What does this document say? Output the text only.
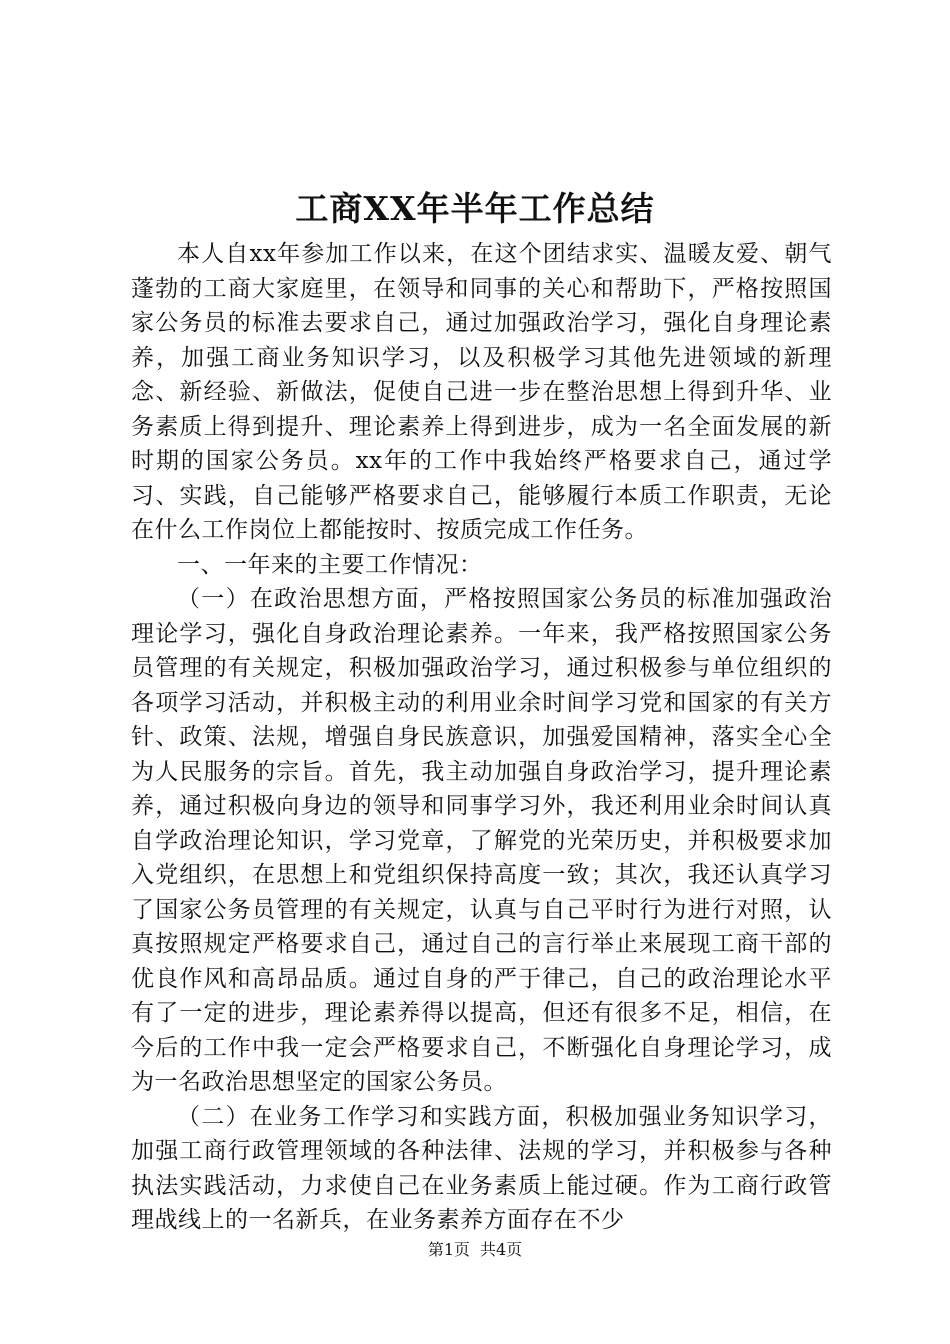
工商XX年半年工作总结

本人自xx年参加工作以来，在这个团结求实、温暖友爱、朝气蓬勃的工商大家庭里，在领导和同事的关心和帮助下，严格按照国家公务员的标准去要求自己，通过加强政治学习，强化自身理论素养，加强工商业务知识学习，以及积极学习其他先进领域的新理念、新经验、新做法，促使自己进一步在整治思想上得到升华、业务素质上得到提升、理论素养上得到进步，成为一名全面发展的新时期的国家公务员。xx年的工作中我始终严格要求自己，通过学习、实践，自己能够严格要求自己，能够履行本质工作职责，无论在什么工作岗位上都能按时、按质完成工作任务。

一、一年来的主要工作情况：

（一）在政治思想方面，严格按照国家公务员的标准加强政治理论学习，强化自身政治理论素养。一年来，我严格按照国家公务员管理的有关规定，积极加强政治学习，通过积极参与单位组织的各项学习活动，并积极主动的利用业余时间学习党和国家的有关方针、政策、法规，增强自身民族意识，加强爱国精神，落实全心全为人民服务的宗旨。首先，我主动加强自身政治学习，提升理论素养，通过积极向身边的领导和同事学习外，我还利用业余时间认真自学政治理论知识，学习党章，了解党的光荣历史，并积极要求加入党组织，在思想上和党组织保持高度一致；其次，我还认真学习了国家公务员管理的有关规定，认真与自己平时行为进行对照，认真按照规定严格要求自己，通过自己的言行举止来展现工商干部的优良作风和高昂品质。通过自身的严于律己，自己的政治理论水平有了一定的进步，理论素养得以提高，但还有很多不足，相信，在今后的工作中我一定会严格要求自己，不断强化自身理论学习，成为一名政治思想坚定的国家公务员。

（二）在业务工作学习和实践方面，积极加强业务知识学习，加强工商行政管理领域的各种法律、法规的学习，并积极参与各种执法实践活动，力求使自己在业务素质上能过硬。作为工商行政管理战线上的一名新兵，在业务素养方面存在不少

第1页 共4页
